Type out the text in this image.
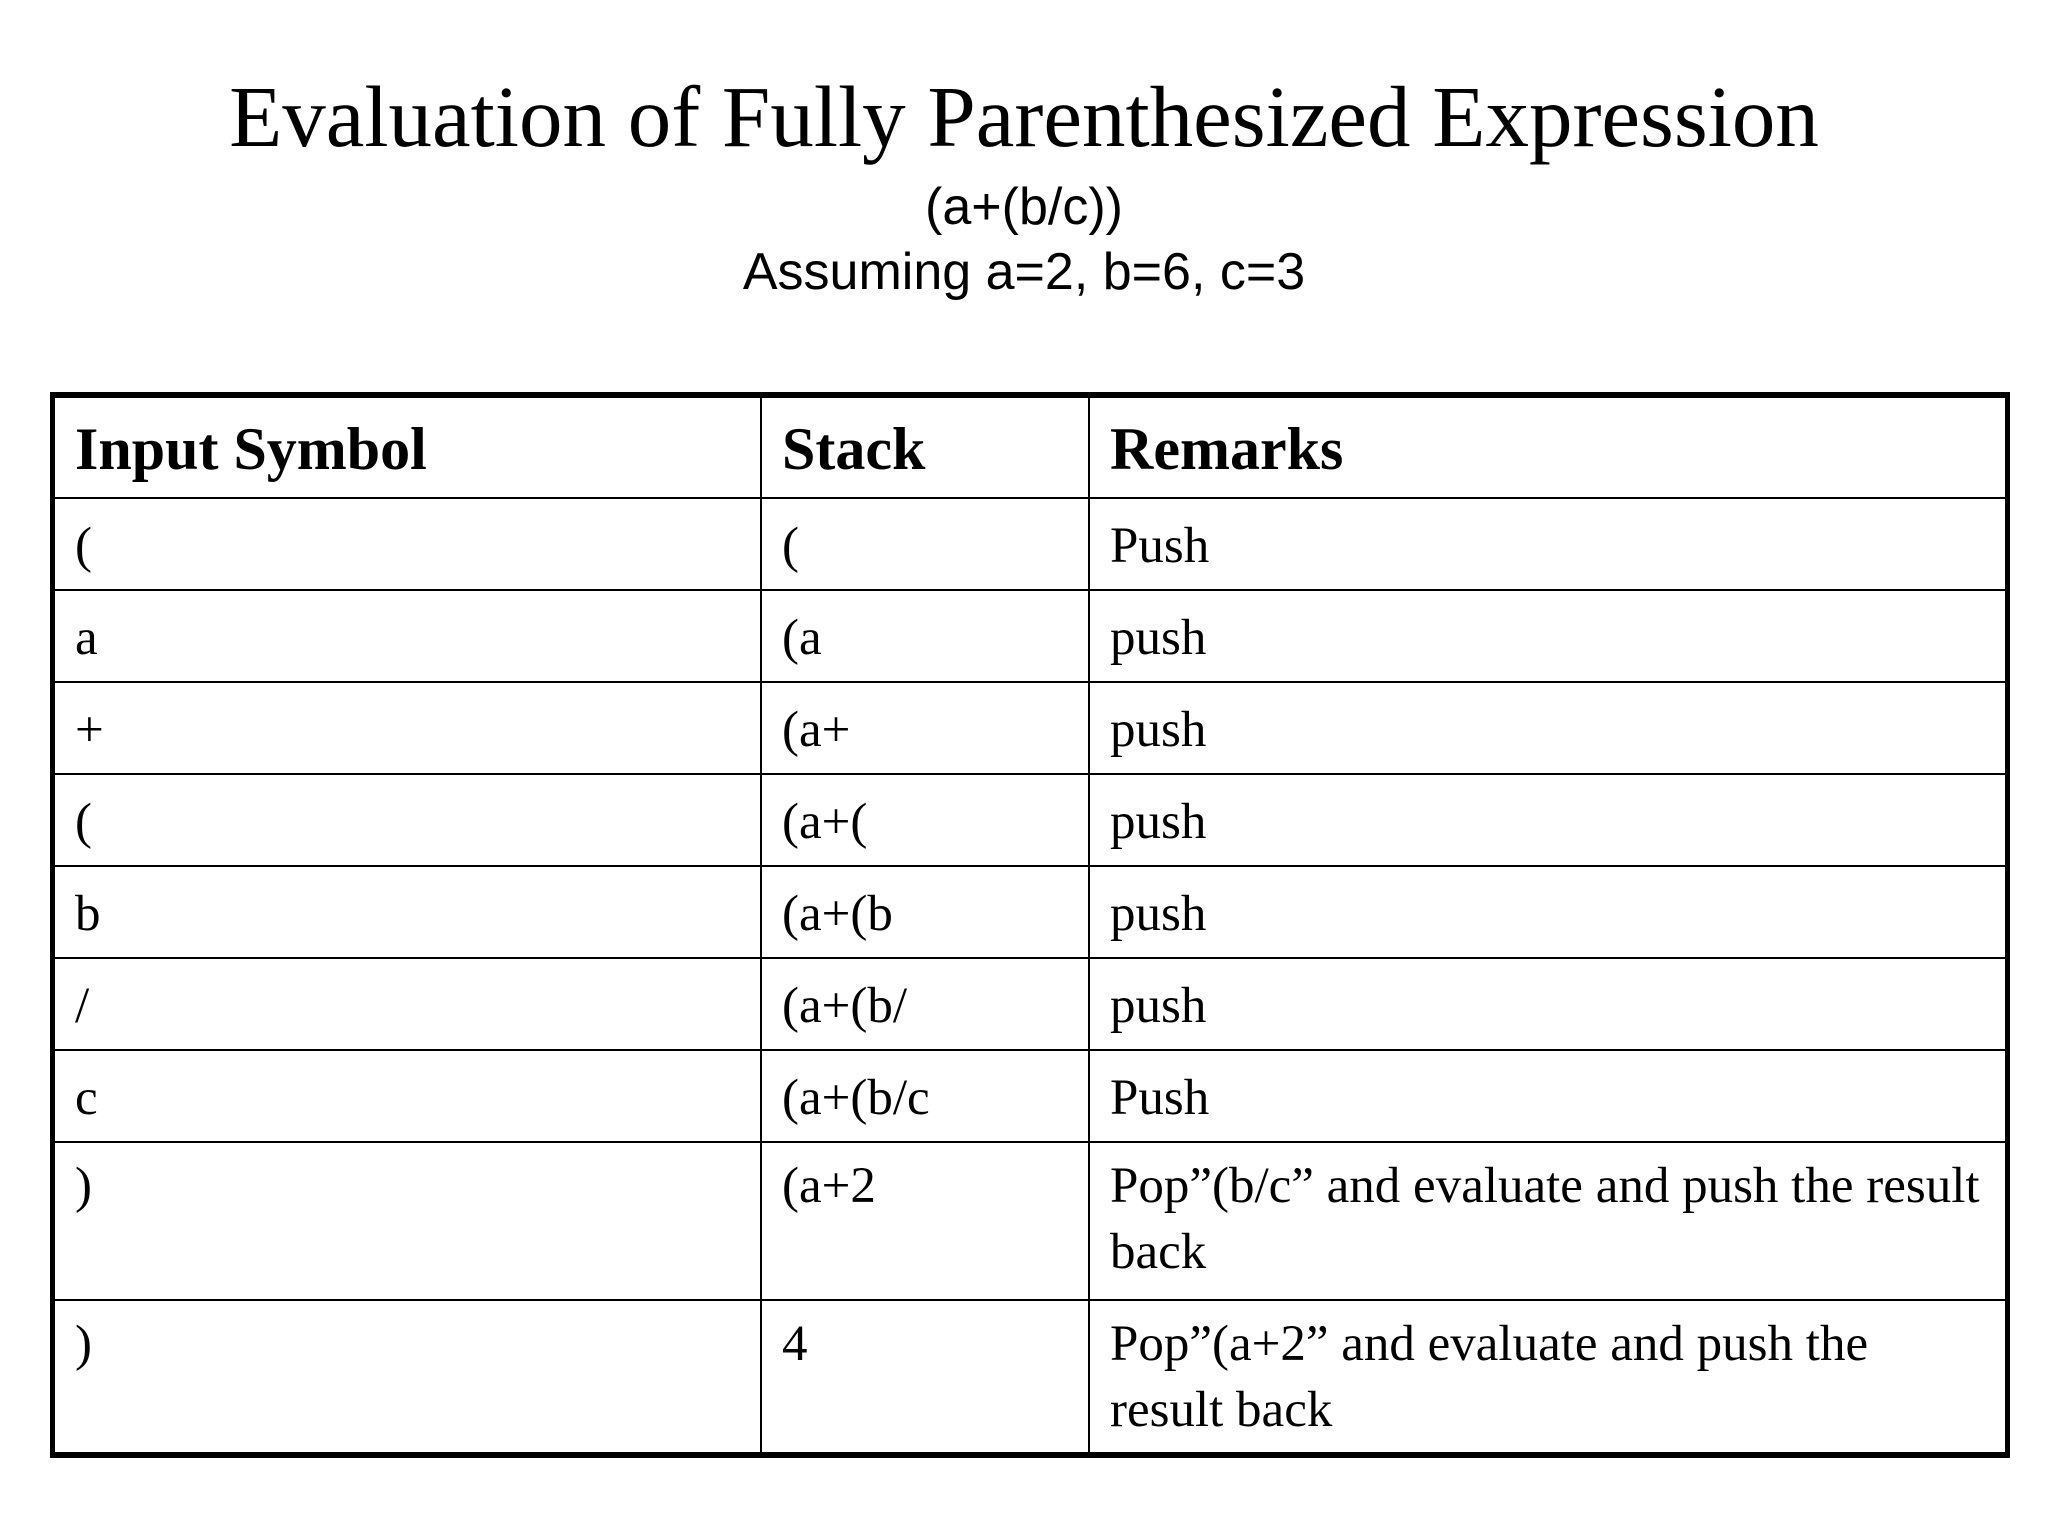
Evaluation of Fully Parenthesized Expression
(a+(b/c))
Assuming a=2, b=6, c=3
Input Symbol	Stack	Remarks
(	(	Push
a	(a	push
+	(a+	push
(	(a+(	push
b	(a+(b	push
/	(a+(b/	push
c	(a+(b/c	Push
)	(a+2	Pop”(b/c” and evaluate and push the result back
)	4	Pop”(a+2” and evaluate and push the result back
